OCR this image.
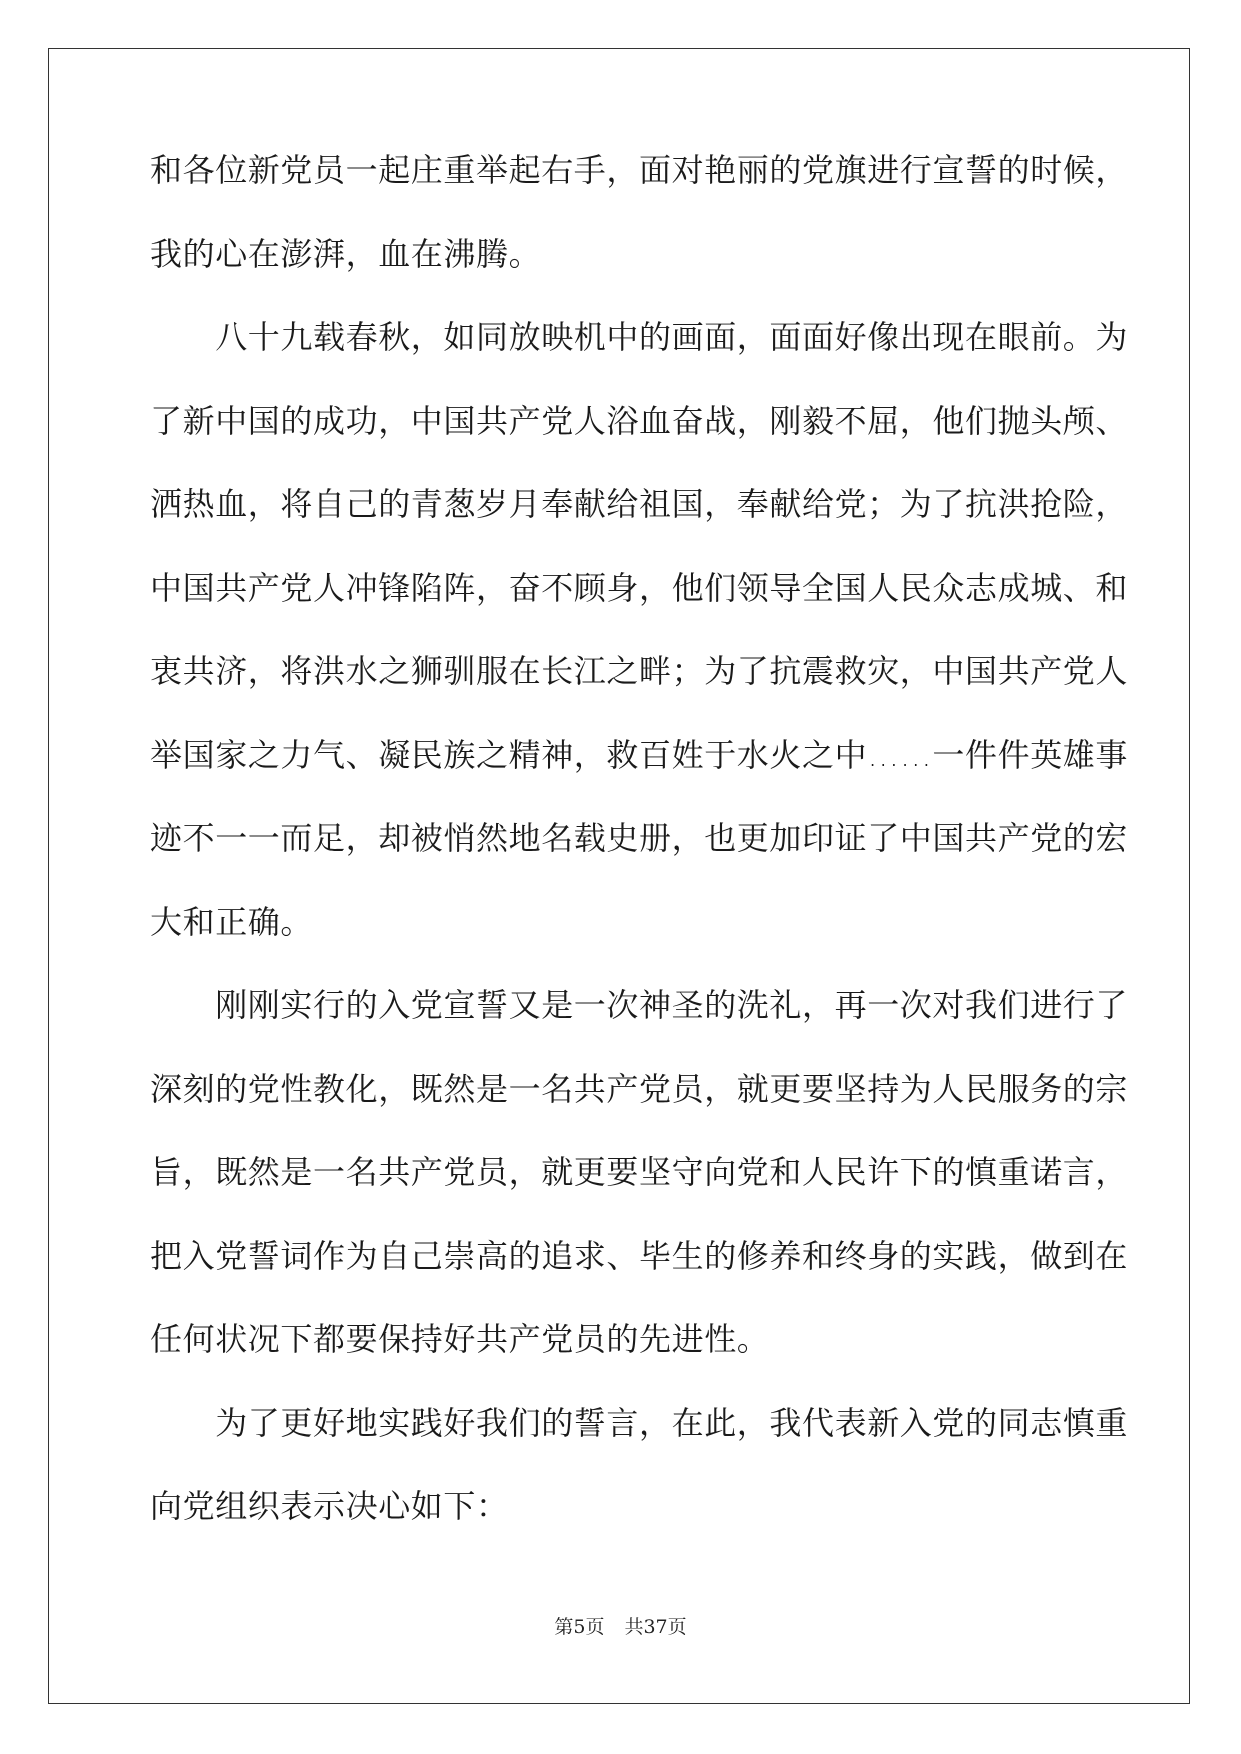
和各位新党员一起庄重举起右手，面对艳丽的党旗进行宣誓的时候，
我的心在澎湃，血在沸腾。
　　八十九载春秋，如同放映机中的画面，面面好像出现在眼前。为
了新中国的成功，中国共产党人浴血奋战，刚毅不屈，他们抛头颅、
洒热血，将自己的青葱岁月奉献给祖国，奉献给党；为了抗洪抢险，
中国共产党人冲锋陷阵，奋不顾身，他们领导全国人民众志成城、和
衷共济，将洪水之狮驯服在长江之畔；为了抗震救灾，中国共产党人
举国家之力气、凝民族之精神，救百姓于水火之中……一件件英雄事
迹不一一而足，却被悄然地名载史册，也更加印证了中国共产党的宏
大和正确。
　　刚刚实行的入党宣誓又是一次神圣的洗礼，再一次对我们进行了
深刻的党性教化，既然是一名共产党员，就更要坚持为人民服务的宗
旨，既然是一名共产党员，就更要坚守向党和人民许下的慎重诺言，
把入党誓词作为自己崇高的追求、毕生的修养和终身的实践，做到在
任何状况下都要保持好共产党员的先进性。
　　为了更好地实践好我们的誓言，在此，我代表新入党的同志慎重
向党组织表示决心如下：
第5页 共37页
